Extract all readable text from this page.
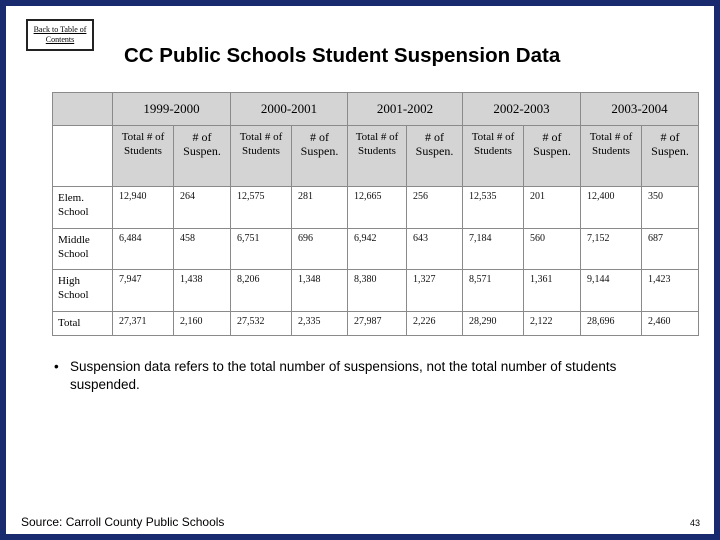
Back to Table of Contents
CC Public Schools Student Suspension Data
	1999-2000		2000-2001		2001-2002		2002-2003		2003-2004	
	Total # of Students	# of Suspen.	Total # of Students	# of Suspen.	Total # of Students	# of Suspen.	Total # of Students	# of Suspen.	Total # of Students	# of Suspen.
Elem. School	12,940	264	12,575	281	12,665	256	12,535	201	12,400	350
Middle School	6,484	458	6,751	696	6,942	643	7,184	560	7,152	687
High School	7,947	1,438	8,206	1,348	8,380	1,327	8,571	1,361	9,144	1,423
Total	27,371	2,160	27,532	2,335	27,987	2,226	28,290	2,122	28,696	2,460
• Suspension data refers to the total number of suspensions, not the total number of students suspended.
Source: Carroll County Public Schools	43
